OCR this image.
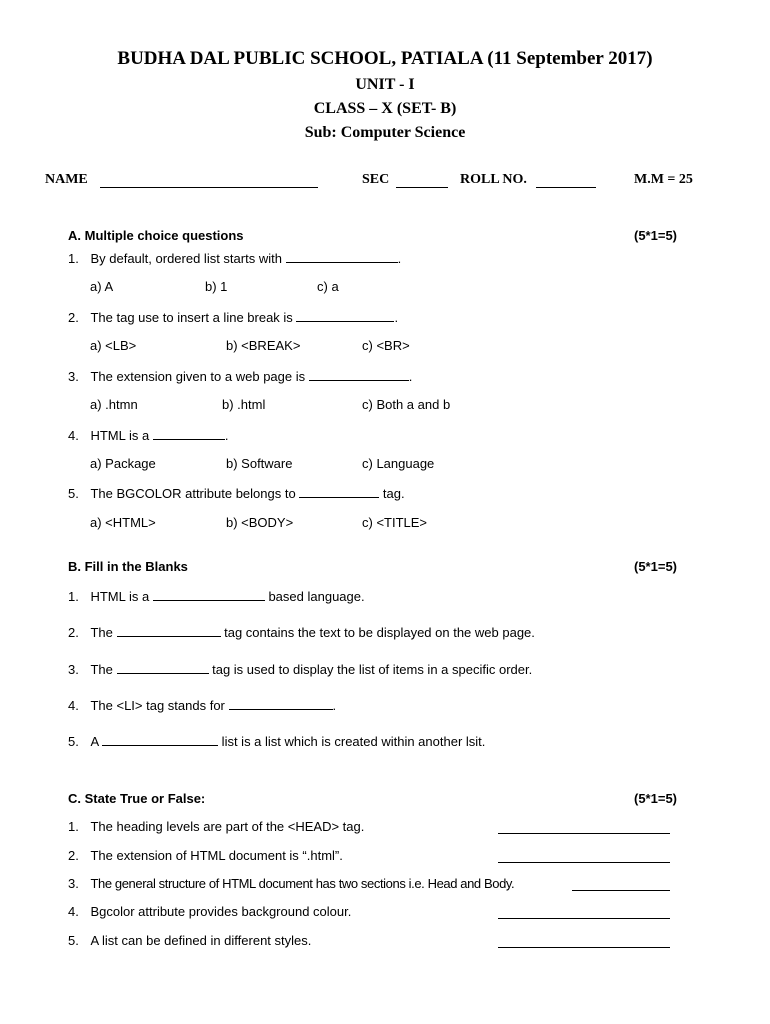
BUDHA DAL PUBLIC SCHOOL, PATIALA (11 September 2017)
UNIT - I
CLASS – X (SET- B)
Sub: Computer Science
NAME	SEC	ROLL NO.	M.M = 25
A. Multiple choice questions	(5*1=5)
1. By default, ordered list starts with	.
a) A	b) 1	c) a
2. The tag use to insert a line break is	.
a) <LB>	b) <BREAK>	c) <BR>
3. The extension given to a web page is	.
a) .htmn	b) .html	c) Both a and b
4. HTML is a	.
a) Package	b) Software	c) Language
5. The BGCOLOR attribute belongs to	tag.
a) <HTML>	b) <BODY>	c) <TITLE>
B. Fill in the Blanks	(5*1=5)
1. HTML is a	based language.
2. The	tag contains the text to be displayed on the web page.
3. The	tag is used to display the list of items in a specific order.
4. The <LI> tag stands for	.
5. A	list is a list which is created within another lsit.
C. State True or False:	(5*1=5)
1. The heading levels are part of the <HEAD> tag.
2. The extension of HTML document is “.html”.
3. The general structure of HTML document has two sections i.e. Head and Body.
4. Bgcolor attribute provides background colour.
5. A list can be defined in different styles.
